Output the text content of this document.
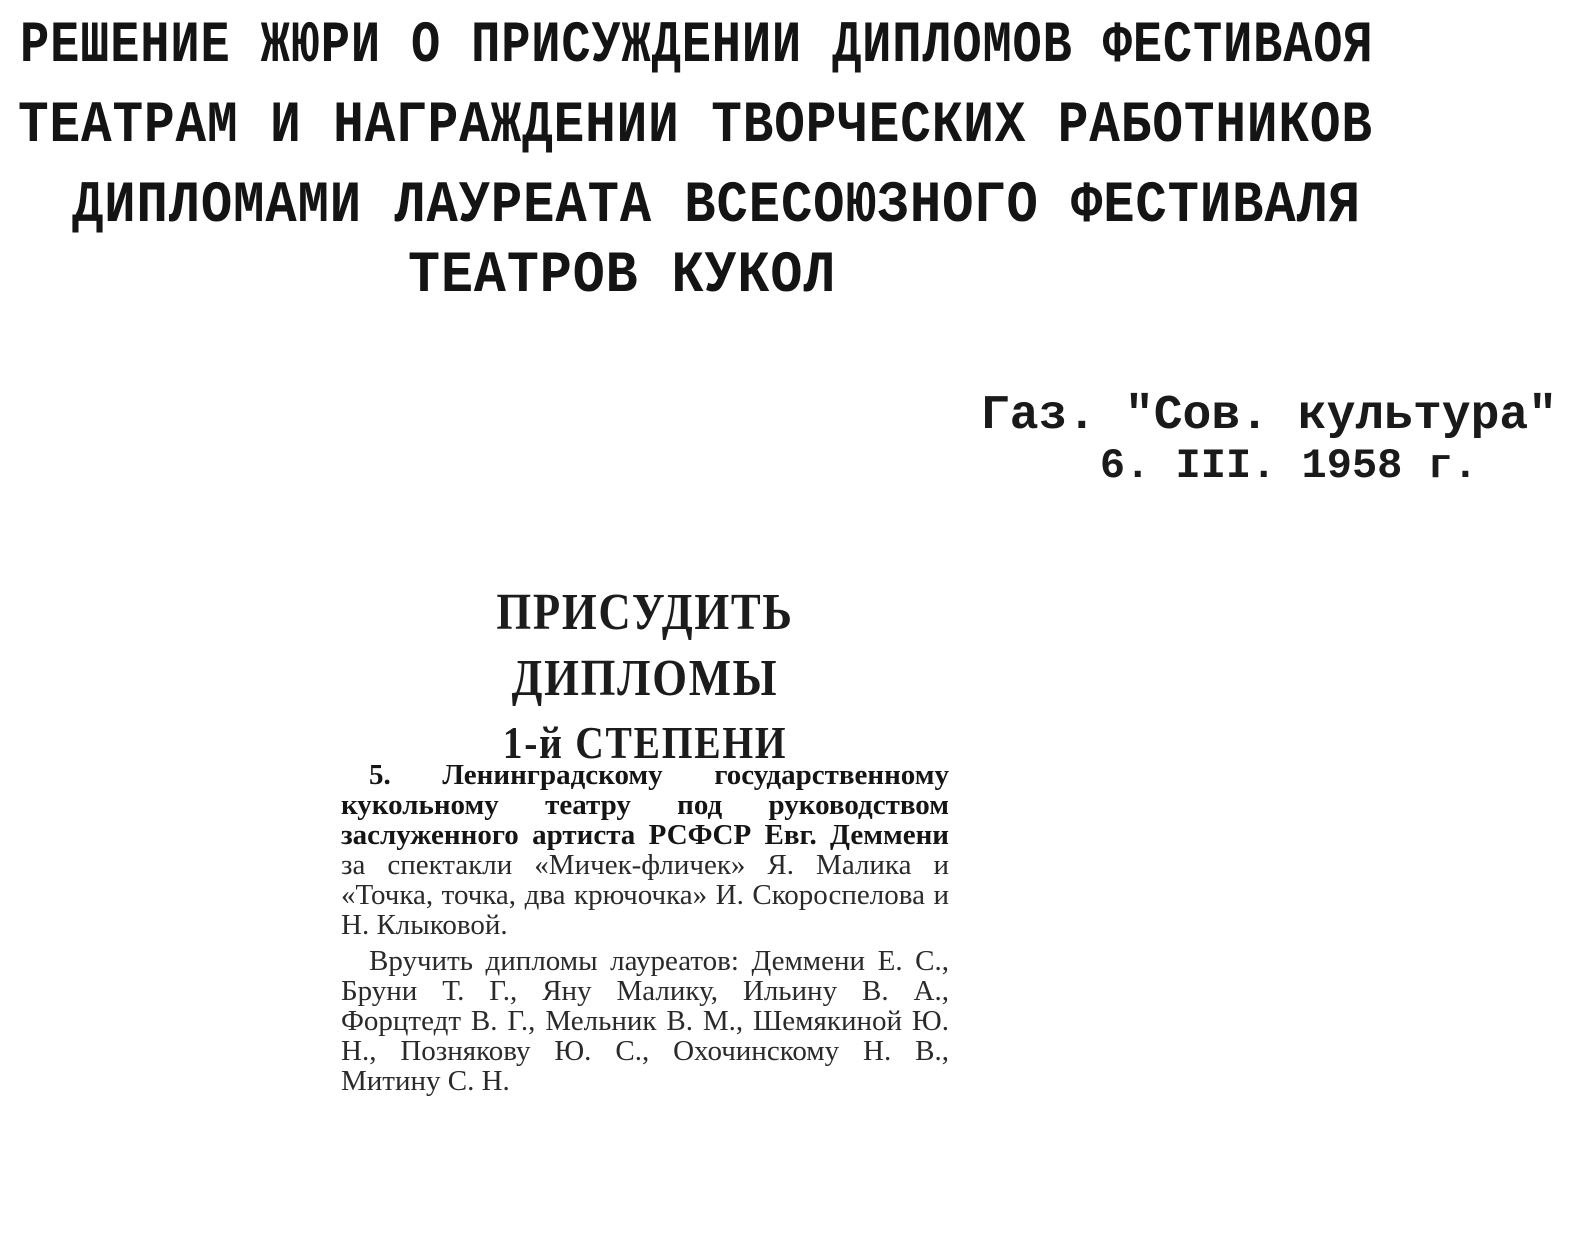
РЕШЕНИЕ ЖЮРИ О ПРИСУЖДЕНИИ ДИПЛОМОВ ФЕСТИВАОЯ
ТЕАТРАМ И НАГРАЖДЕНИИ ТВОРЧЕСКИХ РАБОТНИКОВ
ДИПЛОМАМИ ЛАУРЕАТА ВСЕСОЮЗНОГО ФЕСТИВАЛЯ
ТЕАТРОВ КУКОЛ
Газ. "Сов. культура"
6. III. 1958 г.
ПРИСУДИТЬ ДИПЛОМЫ
1-й СТЕПЕНИ

5. Ленинградскому государственному кукольному театру под руководством заслуженного артиста РСФСР Евг. Деммени за спектакли «Мичек-фличек» Я. Малика и «Точка, точка, два крючочка» И. Скороспелова и Н. Клыковой.

Вручить дипломы лауреатов: Деммени Е. С., Бруни Т. Г., Яну Малику, Ильину В. А., Форцтедт В. Г., Мельник В. М., Шемякиной Ю. Н., Познякову Ю. С., Охочинскому Н. В., Митину С. Н.
